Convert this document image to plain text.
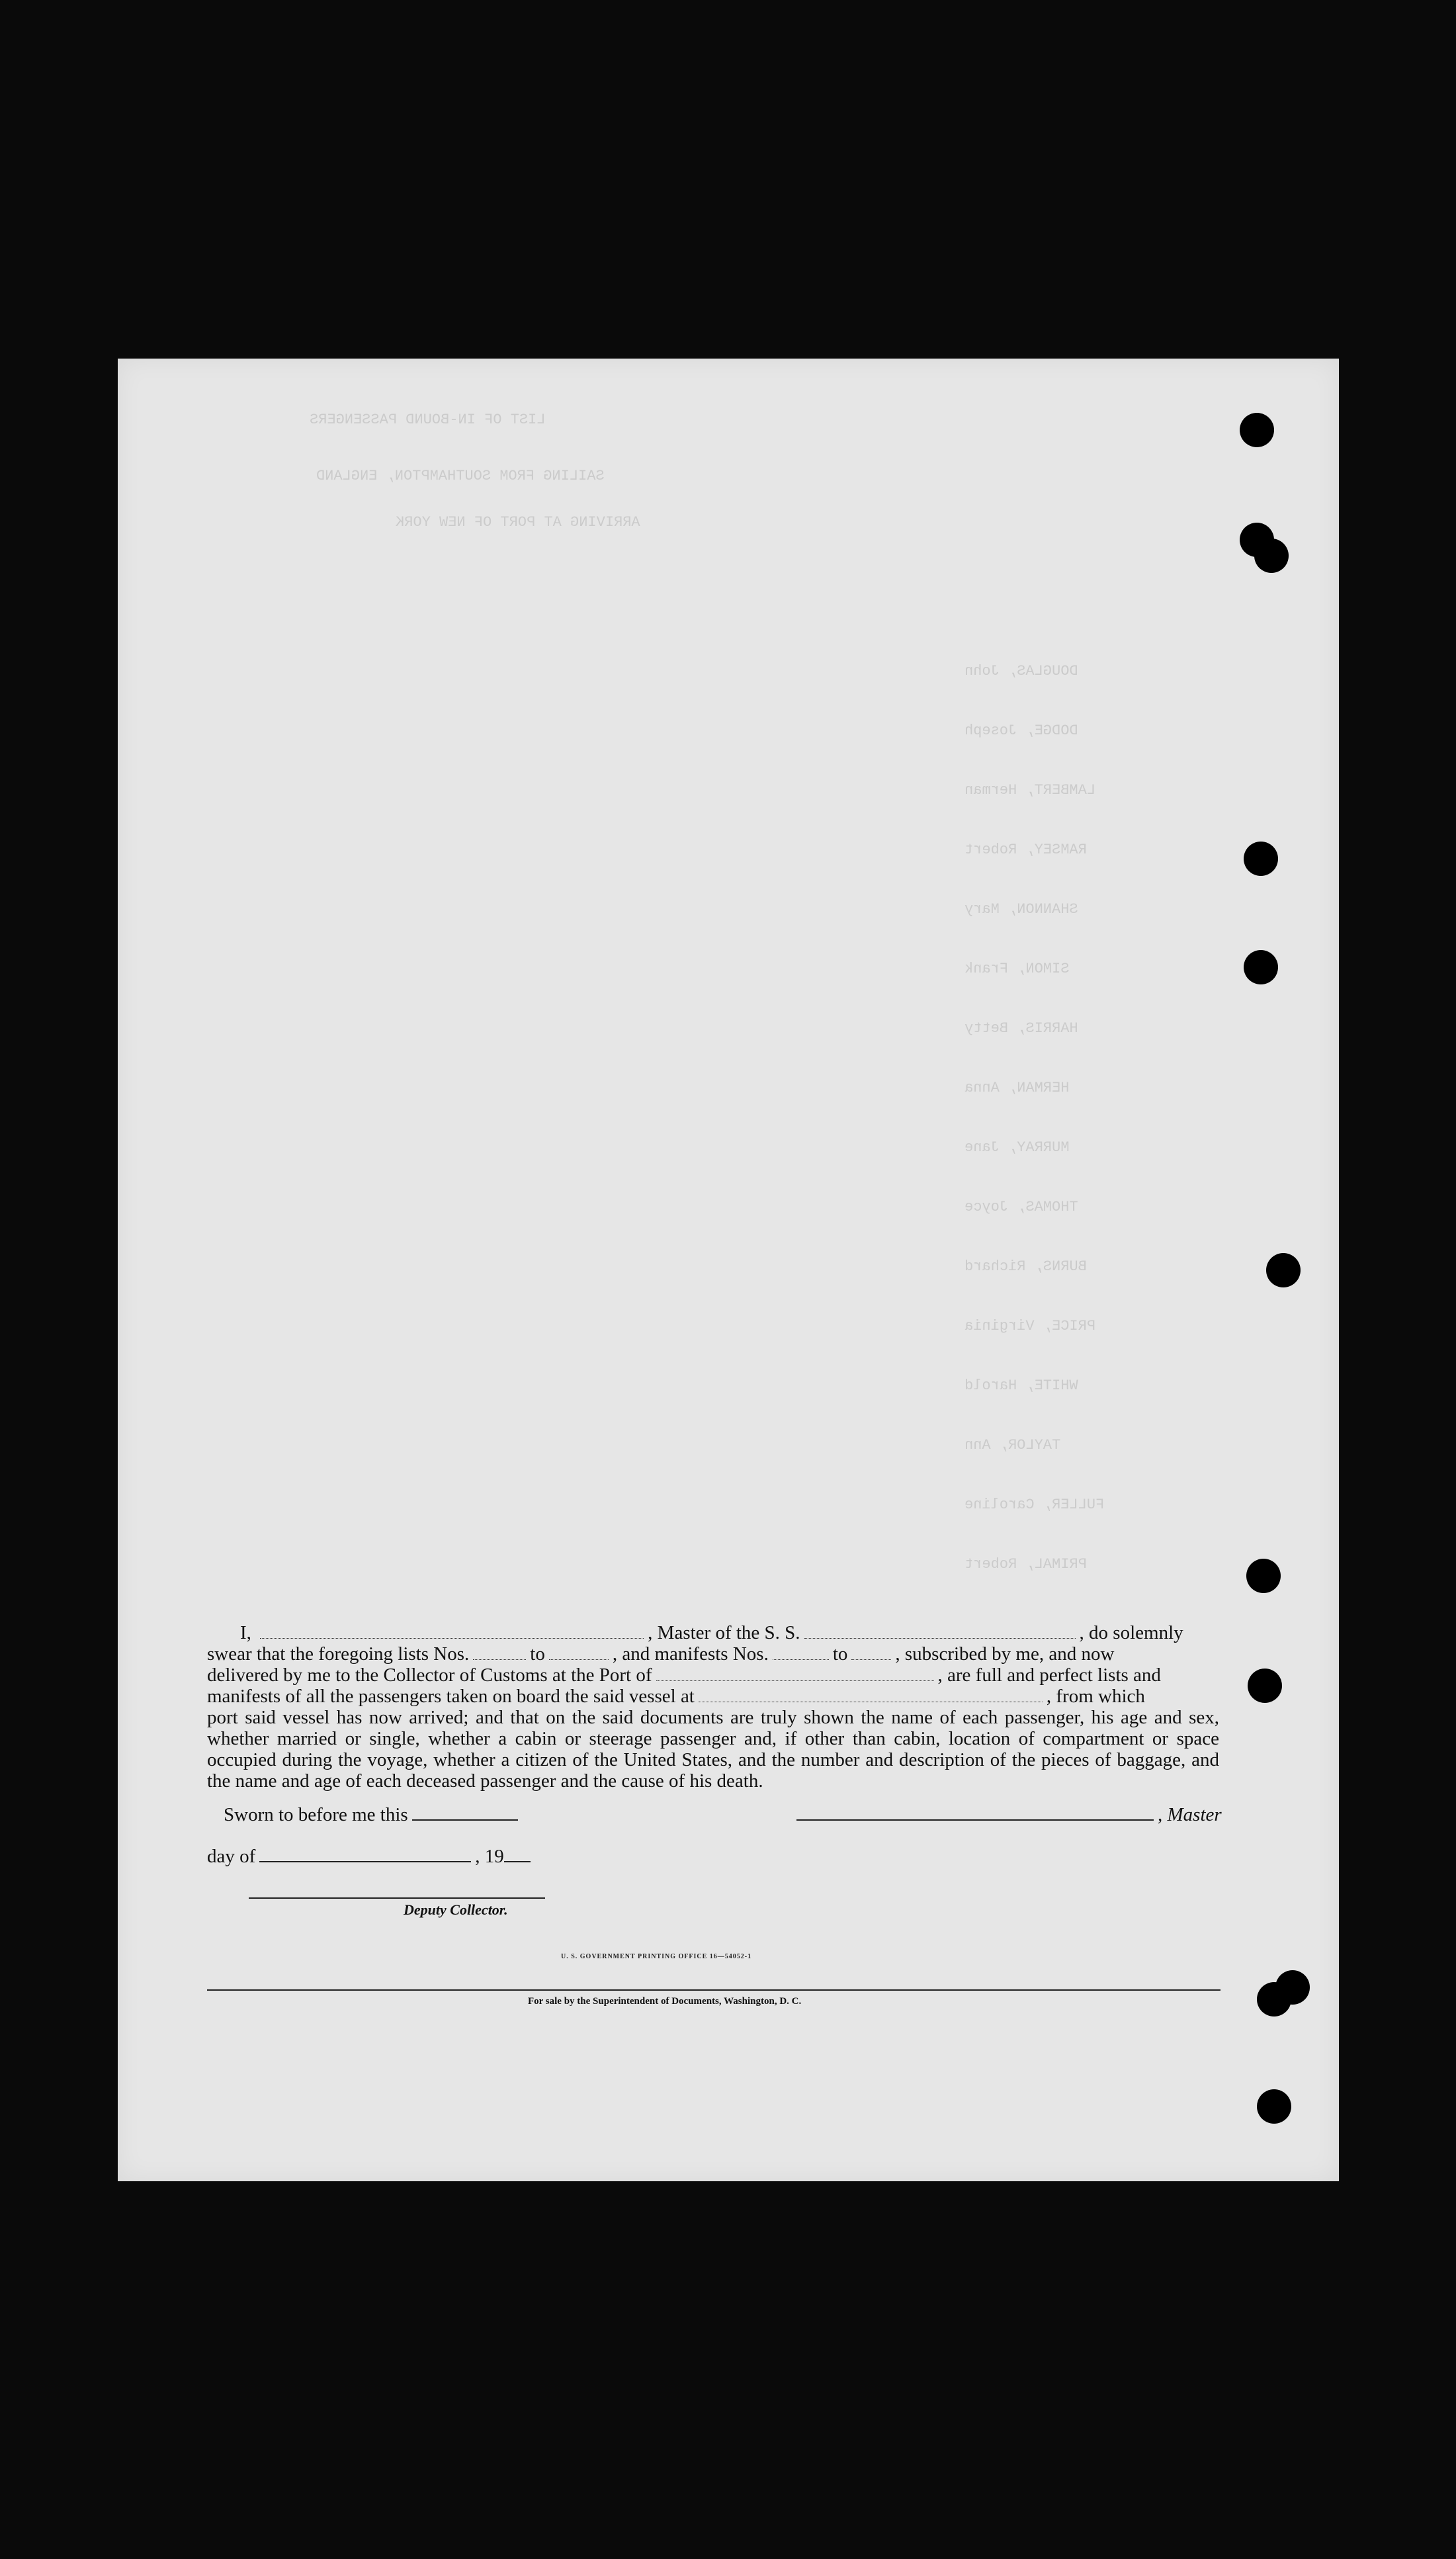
LIST OF IN-BOUND PASSENGERS
SAILING FROM SOUTHAMPTON, ENGLAND
ARRIVING AT PORT OF NEW YORK
DOUGLAS, John
DODGE, Joseph
LAMBERT, Herman
RAMSEY, Robert
SHANNON, Mary
SIMON, Frank
HARRIS, Betty
HERMAN, Anna
MURRAY, Jane
THOMAS, Joyce
BURNS, Richard
PRICE, Virginia
WHITE, Harold
TAYLOR, Ann
FULLER, Caroline
PRIMAL, Robert

I,	, Master of the S. S.	, do solemnly

swear that the foregoing lists Nos.	to	, and manifests Nos.	to , subscribed by me, and now

delivered by me to the Collector of Customs at the Port of	, are full and perfect lists and

manifests of all the passengers taken on board the said vessel at	, from which

port said vessel has now arrived; and that on the said documents are truly shown the name of each passenger, his age and sex, whether married or single, whether a cabin or steerage passenger and, if other than cabin, location of compartment or space occupied during the voyage, whether a citizen of the United States, and the number and description of the pieces of baggage, and the name and age of each deceased passenger and the cause of his death.

Sworn to before me this	, Master
day of	, 19
Deputy Collector.
U. S. GOVERNMENT PRINTING OFFICE 16—54052-1
For sale by the Superintendent of Documents, Washington, D. C.
